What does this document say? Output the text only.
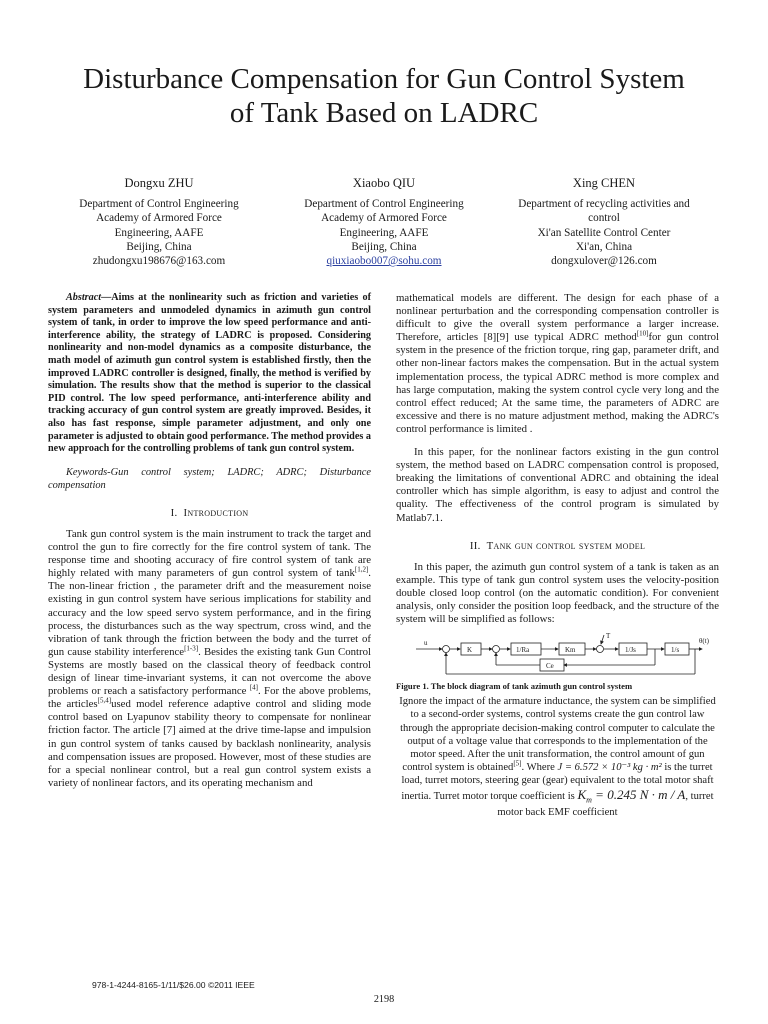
Disturbance Compensation for Gun Control System
of Tank Based on LADRC
Dongxu ZHU
Department of Control Engineering
Academy of Armored Force
Engineering, AAFE
Beijing, China
zhudongxu198676@163.com
Xiaobo QIU
Department of Control Engineering
Academy of Armored Force
Engineering, AAFE
Beijing, China
qiuxiaobo007@sohu.com
Xing CHEN
Department of recycling activities and
control
Xi'an Satellite Control Center
Xi'an, China
dongxulover@126.com

Abstract—Aims at the nonlinearity such as friction and varieties of system parameters and unmodeled dynamics in azimuth gun control system of tank, in order to improve the low speed performance and anti-interference ability, the strategy of LADRC is proposed. Considering nonlinearity and non-model dynamics as a composite disturbance, the math model of azimuth gun control system is established firstly, then the improved LADRC controller is designed, finally, the method is verified by simulation. The results show that the method is superior to the classical PID control. The low speed performance, anti-interference ability and tracking accuracy of gun control system are greatly improved. Besides, it also has fast response, simple parameter adjustment, and only one parameter is adjusted to obtain good performance. The method provides a new approach for the controlling problems of tank gun control system.

Keywords-Gun control system; LADRC; ADRC; Disturbance compensation

I. Introduction

Tank gun control system is the main instrument to track the target and control the gun to fire correctly for the fire control system of tank. The response time and shooting accuracy of fire control system of tank are highly related with many parameters of gun control system of tank[1,2]. The non-linear friction , the parameter drift and the measurement noise existing in gun control system have serious implications for stability and accuracy and the low speed servo system performance, and in the firing process, the disturbances such as the way spectrum, cross wind, and the vibration of tank through the friction between the body and the turret of gun cause stability interference[1-3]. Besides the existing tank Gun Control Systems are mostly based on the classical theory of feedback control design of linear time-invariant systems, it can not overcome the above problems or reach a satisfactory performance [4]. For the above problems, the articles[5,4]used model reference adaptive control and sliding mode control based on Lyapunov stability theory to compensate for nonlinear friction factor. The article [7] aimed at the drive time-lapse and impulsion in gun control system of tanks caused by backlash nonlinearity, analysis and compensation issues are proposed. However, most of these studies are for a special nonlinear control, but a real gun control system exists a variety of nonlinear factors, and its operating mechanism and

mathematical models are different. The design for each phase of a nonlinear perturbation and the corresponding compensation controller is difficult to give the overall system performance a larger increase. Therefore, articles [8][9] use typical ADRC method[10]for gun control system in the presence of the friction torque, ring gap, parameter drift, and other non-linear factors makes the compensation. But in the actual system implementation process, the typical ADRC method is more complex and has large computation, making the system control cycle very long and the control effect reduced; At the same time, the parameters of ADRC are excessive and there is no mature adjustment method, making the ADRC's control performance is limited .

In this paper, for the nonlinear factors existing in the gun control system, the method based on LADRC compensation control is proposed, breaking the limitations of conventional ADRC and obtaining the ideal controller which has simple algorithm, is easy to adjust and control the quality. The effectiveness of the control program is simulated by Matlab7.1.

II. Tank gun control system model

In this paper, the azimuth gun control system of a tank is taken as an example. This type of tank gun control system uses the velocity-position double closed loop control (on the automatic condition). For convenient analysis, only consider the position loop feedback, and the structure of the system will be simplified as follows:

u
K	1/Ra	Km
T
1/Js	1/s
θ(t)
Ce

Figure 1. The block diagram of tank azimuth gun control system

Ignore the impact of the armature inductance, the system can be simplified to a second-order systems, control systems create the gun control law through the appropriate decision-making control computer to calculate the output of a voltage value that corresponds to the implementation of the motor speed. After the unit transformation, the control amount of gun control system is obtained[5]. Where J = 6.572 × 10⁻³ kg · m² is the turret load, turret motors, steering gear (gear) equivalent to the total motor shaft inertia. Turret motor torque coefficient is $K_m = 0.245$ N · m / A, turret motor back EMF coefficient

978-1-4244-8165-1/11/$26.00 ©2011 IEEE
2198
